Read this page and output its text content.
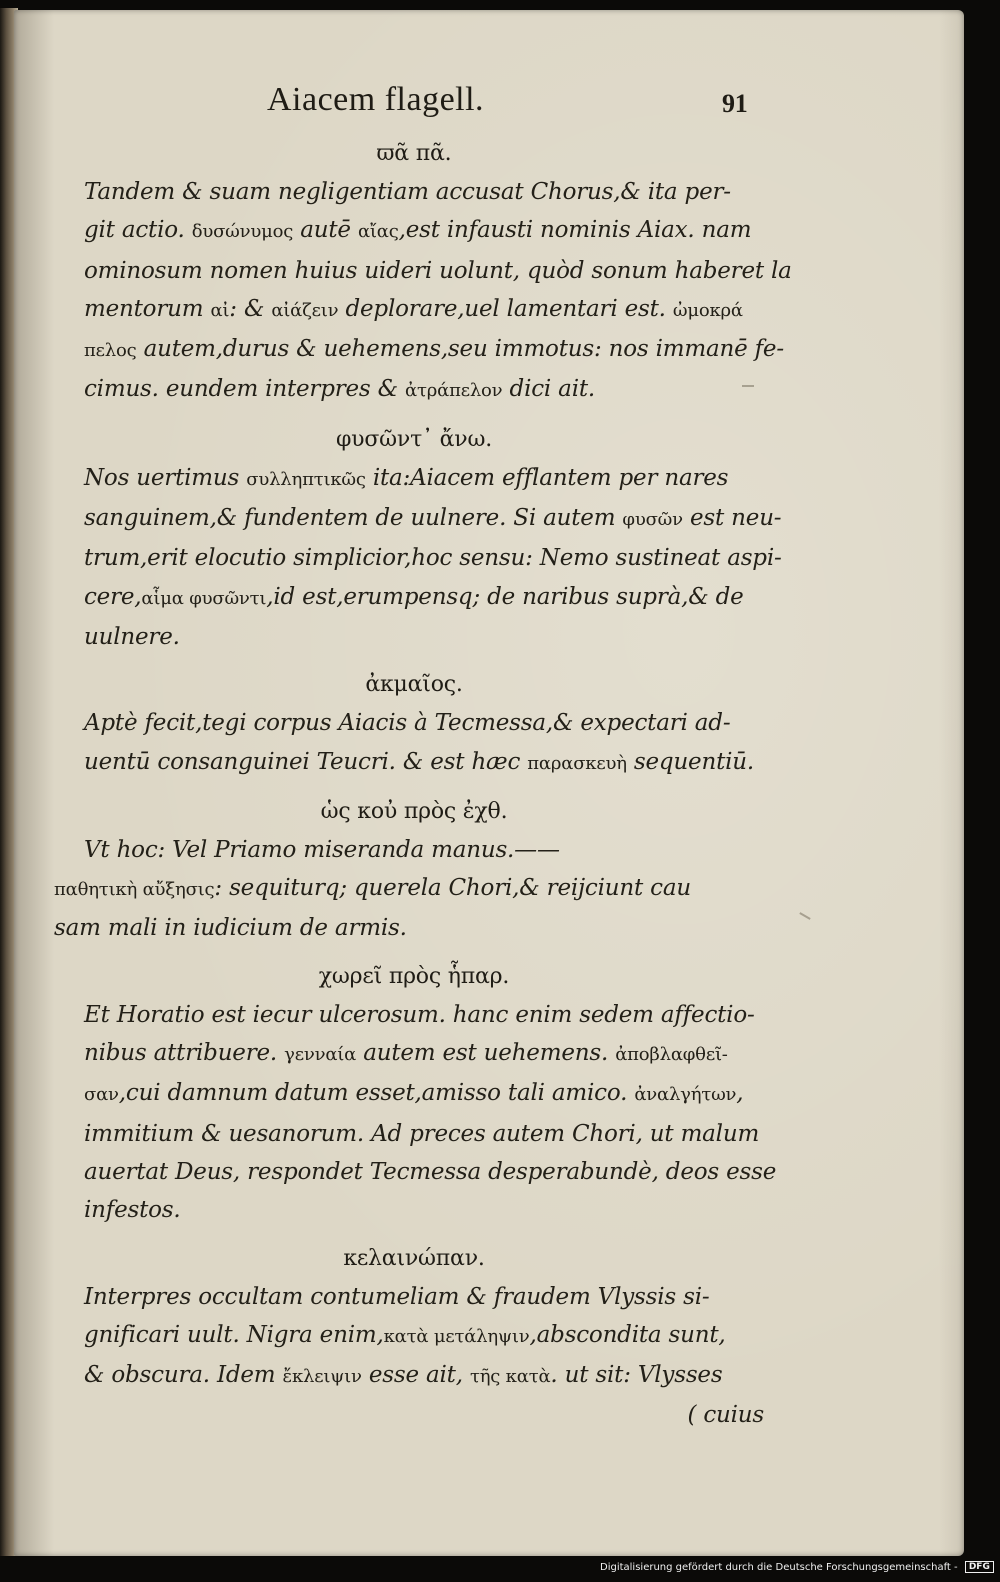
Aiacem flagell.	91
ϖᾶ πᾶ.

Tandem & suam negligentiam accusat Chorus,& ita per-
git actio. δυσώνυμος autē αἴας,est infausti nominis Aiax. nam
ominosum nomen huius uideri uolunt, quòd sonum haberet la
mentorum αἰ: & αἰάζειν deplorare,uel lamentari est. ὠμοκρά
πελος autem,durus & uehemens,seu immotus: nos immanē fe-
cimus. eundem interpres & ἀτράπελον dici ait.

φυσῶντ᾽ ἄνω.

Nos uertimus συλληπτικῶς ita:Aiacem efflantem per nares
sanguinem,& fundentem de uulnere. Si autem φυσῶν est neu-
trum,erit elocutio simplicior,hoc sensu: Nemo sustineat aspi-
cere,αἷμα φυσῶντι,id est,erumpensq; de naribus suprà,& de
uulnere.

ἀκμαῖος.

Aptè fecit,tegi corpus Aiacis à Tecmessa,& expectari ad-
uentū consanguinei Teucri. & est hæc παρασκευὴ sequentiū.

ὡς κοὐ πρὸς ἐχθ.

Vt hoc: Vel Priamo miseranda manus.——
παθητικὴ αὔξησις: sequiturq; querela Chori,& reijciunt cau
sam mali in iudicium de armis.

χωρεῖ πρὸς ἧπαρ.

Et Horatio est iecur ulcerosum. hanc enim sedem affectio-
nibus attribuere. γενναία autem est uehemens. ἀποβλαφθεῖ-
σαν,cui damnum datum esset,amisso tali amico. ἀναλγήτων,
immitium & uesanorum. Ad preces autem Chori, ut malum
auertat Deus, respondet Tecmessa desperabundè, deos esse
infestos.

κελαινώπαν.

Interpres occultam contumeliam & fraudem Vlyssis si-
gnificari uult. Nigra enim,κατὰ μετάληψιν,abscondita sunt,
& obscura. Idem ἔκλειψιν esse ait, τῆς κατὰ. ut sit: Vlysses

( cuius
Digitalisierung gefördert durch die Deutsche Forschungsgemeinschaft - DFG
